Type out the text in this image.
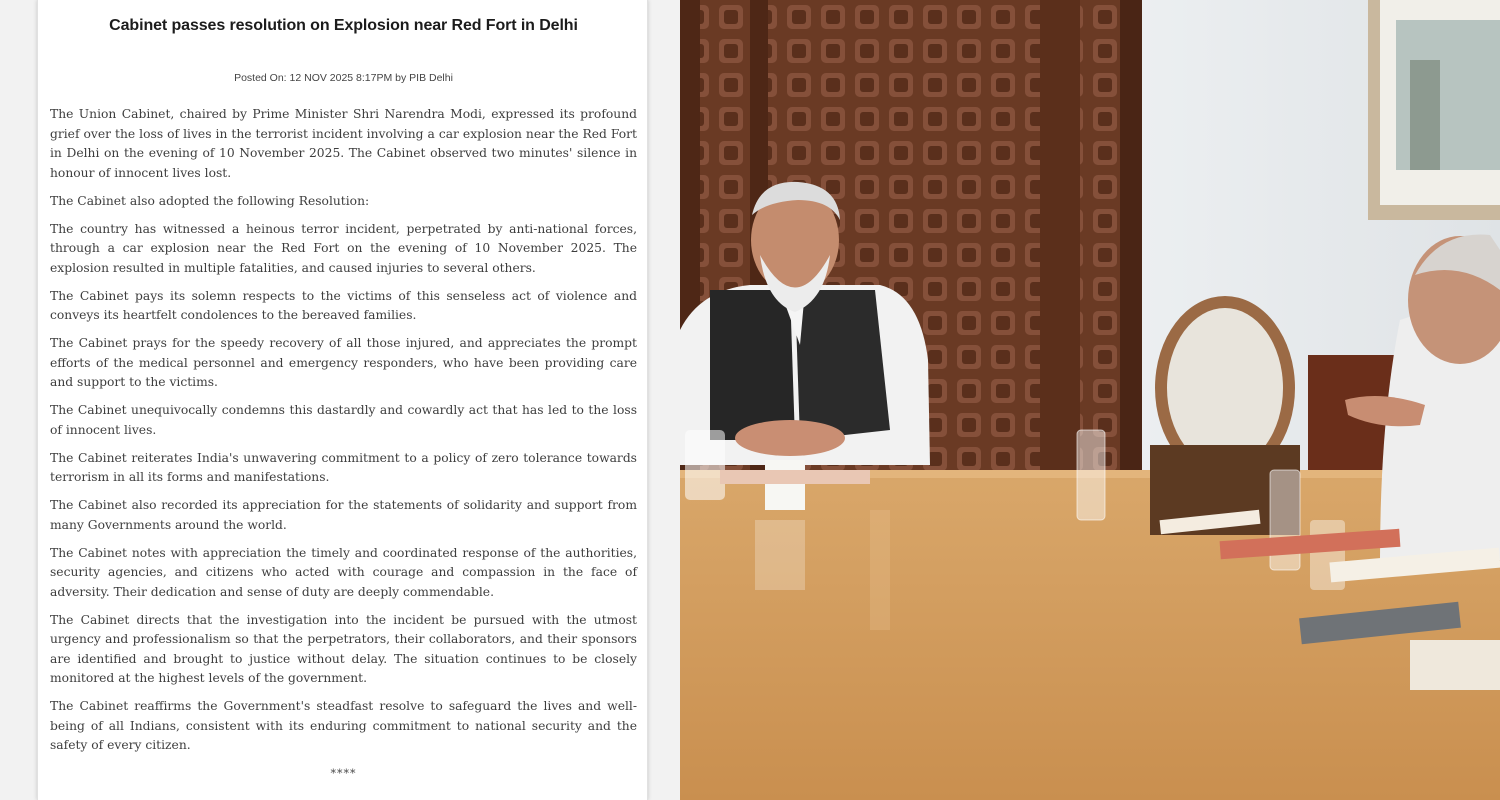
Cabinet passes resolution on Explosion near Red Fort in Delhi
Posted On: 12 NOV 2025 8:17PM by PIB Delhi

The Union Cabinet, chaired by Prime Minister Shri Narendra Modi, expressed its profound grief over the loss of lives in the terrorist incident involving a car explosion near the Red Fort in Delhi on the evening of 10 November 2025. The Cabinet observed two minutes' silence in honour of innocent lives lost.

The Cabinet also adopted the following Resolution:

The country has witnessed a heinous terror incident, perpetrated by anti-national forces, through a car explosion near the Red Fort on the evening of 10 November 2025. The explosion resulted in multiple fatalities, and caused injuries to several others.

The Cabinet pays its solemn respects to the victims of this senseless act of violence and conveys its heartfelt condolences to the bereaved families.

The Cabinet prays for the speedy recovery of all those injured, and appreciates the prompt efforts of the medical personnel and emergency responders, who have been providing care and support to the victims.

The Cabinet unequivocally condemns this dastardly and cowardly act that has led to the loss of innocent lives.

The Cabinet reiterates India's unwavering commitment to a policy of zero tolerance towards terrorism in all its forms and manifestations.

The Cabinet also recorded its appreciation for the statements of solidarity and support from many Governments around the world.

The Cabinet notes with appreciation the timely and coordinated response of the authorities, security agencies, and citizens who acted with courage and compassion in the face of adversity. Their dedication and sense of duty are deeply commendable.

The Cabinet directs that the investigation into the incident be pursued with the utmost urgency and professionalism so that the perpetrators, their collaborators, and their sponsors are identified and brought to justice without delay. The situation continues to be closely monitored at the highest levels of the government.

The Cabinet reaffirms the Government's steadfast resolve to safeguard the lives and well-being of all Indians, consistent with its enduring commitment to national security and the safety of every citizen.

****
